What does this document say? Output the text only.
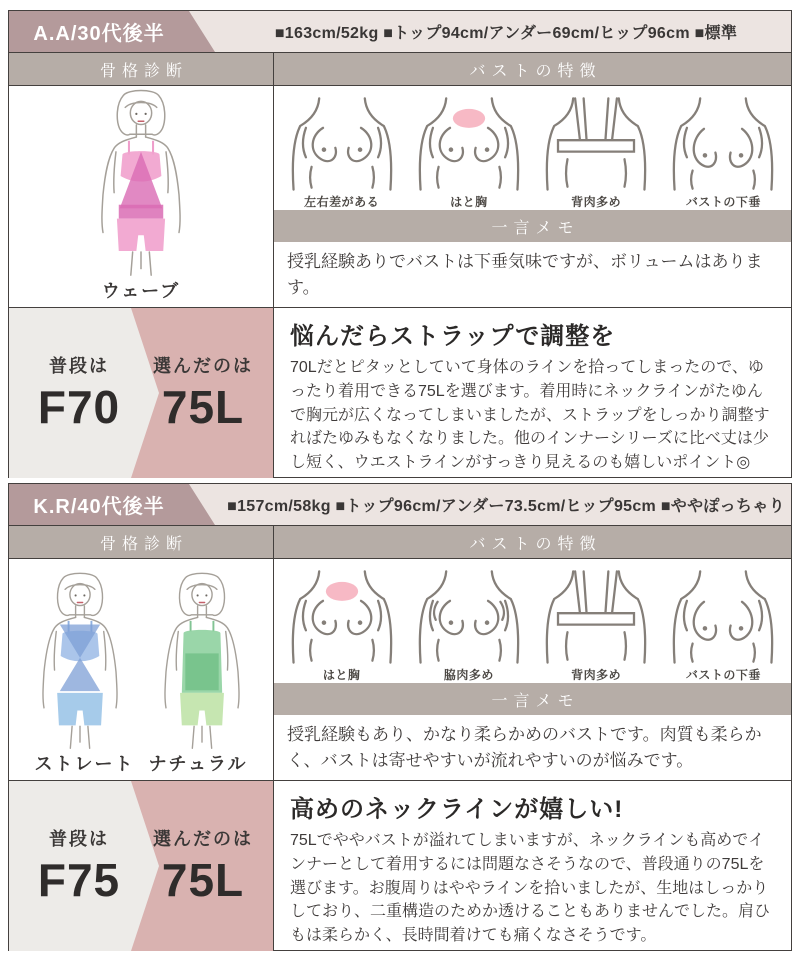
A.A/30代後半	■163cm/52kg ■トップ94cm/アンダー69cm/ヒップ96cm ■標準
骨格診断	バストの特徴
ウェーブ
左右差がある	はと胸	背肉多め	バストの下垂
一言メモ
授乳経験ありでバストは下垂気味ですが、ボリュームはあります。
普段は
F70
選んだのは
75L
悩んだらストラップで調整を
70Lだとピタッとしていて身体のラインを拾ってしまったので、ゆったり着用できる75Lを選びます。着用時にネックラインがたゆんで胸元が広くなってしまいましたが、ストラップをしっかり調整すればたゆみもなくなりました。他のインナーシリーズに比べ丈は少し短く、ウエストラインがすっきり見えるのも嬉しいポイント◎
K.R/40代後半	■157cm/58kg ■トップ96cm/アンダー73.5cm/ヒップ95cm ■ややぽっちゃり
骨格診断	バストの特徴
ストレート ナチュラル
はと胸	脇肉多め	背肉多め	バストの下垂
一言メモ
授乳経験もあり、かなり柔らかめのバストです。肉質も柔らかく、バストは寄せやすいが流れやすいのが悩みです。
普段は
F75
選んだのは
75L
高めのネックラインが嬉しい!
75Lでややバストが溢れてしまいますが、ネックラインも高めでインナーとして着用するには問題なさそうなので、普段通りの75Lを選びます。お腹周りはややラインを拾いましたが、生地はしっかりしており、二重構造のためか透けることもありませんでした。肩ひもは柔らかく、長時間着けても痛くなさそうです。
